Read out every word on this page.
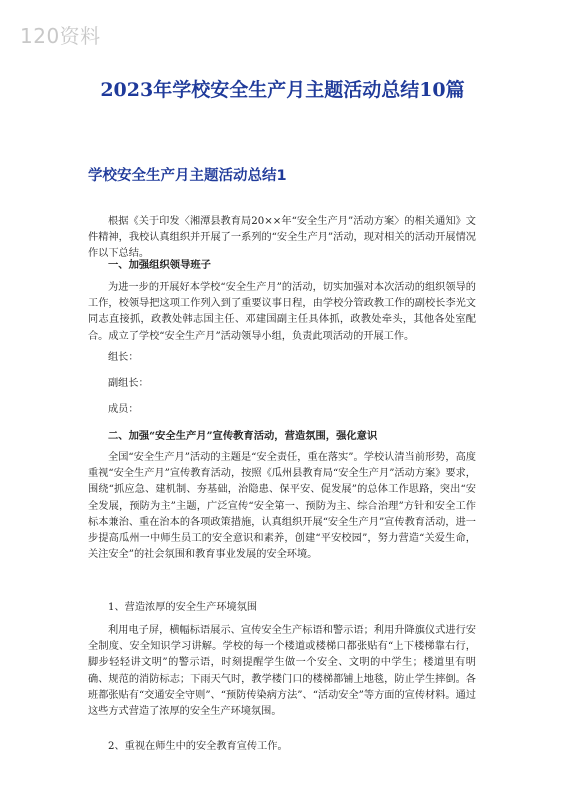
120资料
2023年学校安全生产月主题活动总结10篇
学校安全生产月主题活动总结1

根据《关于印发〈湘潭县教育局20××年“安全生产月”活动方案〉的相关通知》文件精神，我校认真组织并开展了一系列的“安全生产月”活动，现对相关的活动开展情况作以下总结。

一、加强组织领导班子

为进一步的开展好本学校“安全生产月”的活动，切实加强对本次活动的组织领导的工作，校领导把这项工作列入到了重要议事日程，由学校分管政教工作的副校长李光文同志直接抓，政教处韩志国主任、邓建国副主任具体抓，政教处牵头，其他各处室配合。成立了学校“安全生产月”活动领导小组，负责此项活动的开展工作。

组长：

副组长：

成员：

二、加强“安全生产月”宣传教育活动，营造氛围，强化意识

全国“安全生产月”活动的主题是“安全责任，重在落实”。学校认清当前形势，高度重视“安全生产月”宣传教育活动，按照《瓜州县教育局“安全生产月”活动方案》要求，围绕“抓应急、建机制、夯基础，治隐患、保平安、促发展”的总体工作思路，突出“安全发展，预防为主”主题，广泛宣传“安全第一、预防为主、综合治理”方针和安全工作标本兼治、重在治本的各项政策措施，认真组织开展“安全生产月”宣传教育活动，进一步提高瓜州一中师生员工的安全意识和素养，创建“平安校园”，努力营造“关爱生命，关注安全”的社会氛围和教育事业发展的安全环境。

1、营造浓厚的安全生产环境氛围

利用电子屏，横幅标语展示、宣传安全生产标语和警示语；利用升降旗仪式进行安全制度、安全知识学习讲解。学校的每一个楼道或楼梯口都张贴有“上下楼梯靠右行，脚步轻轻讲文明”的警示语，时刻提醒学生做一个安全、文明的中学生；楼道里有明确、规范的消防标志；下雨天气时，教学楼门口的楼梯都铺上地毯，防止学生摔倒。各班都张贴有“交通安全守则”、“预防传染病方法”、“活动安全”等方面的宣传材料。通过这些方式营造了浓厚的安全生产环境氛围。

2、重视在师生中的安全教育宣传工作。
